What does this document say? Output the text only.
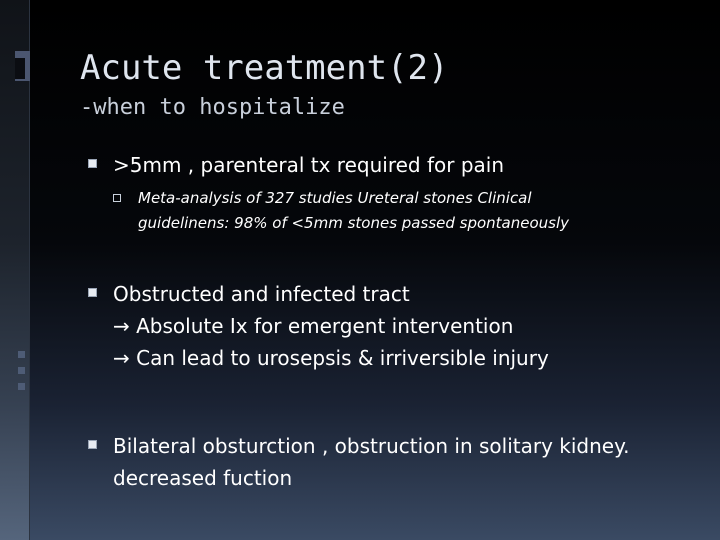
Acute treatment(2)
-when to hospitalize
>5mm , parenteral tx required for pain
Meta-analysis of 327 studies Ureteral stones Clinical
guidelinens: 98% of <5mm stones passed spontaneously
Obstructed and infected tract
→ Absolute Ix for emergent intervention
→ Can lead to urosepsis & irriversible injury
Bilateral obsturction , obstruction in solitary kidney.
decreased fuction
